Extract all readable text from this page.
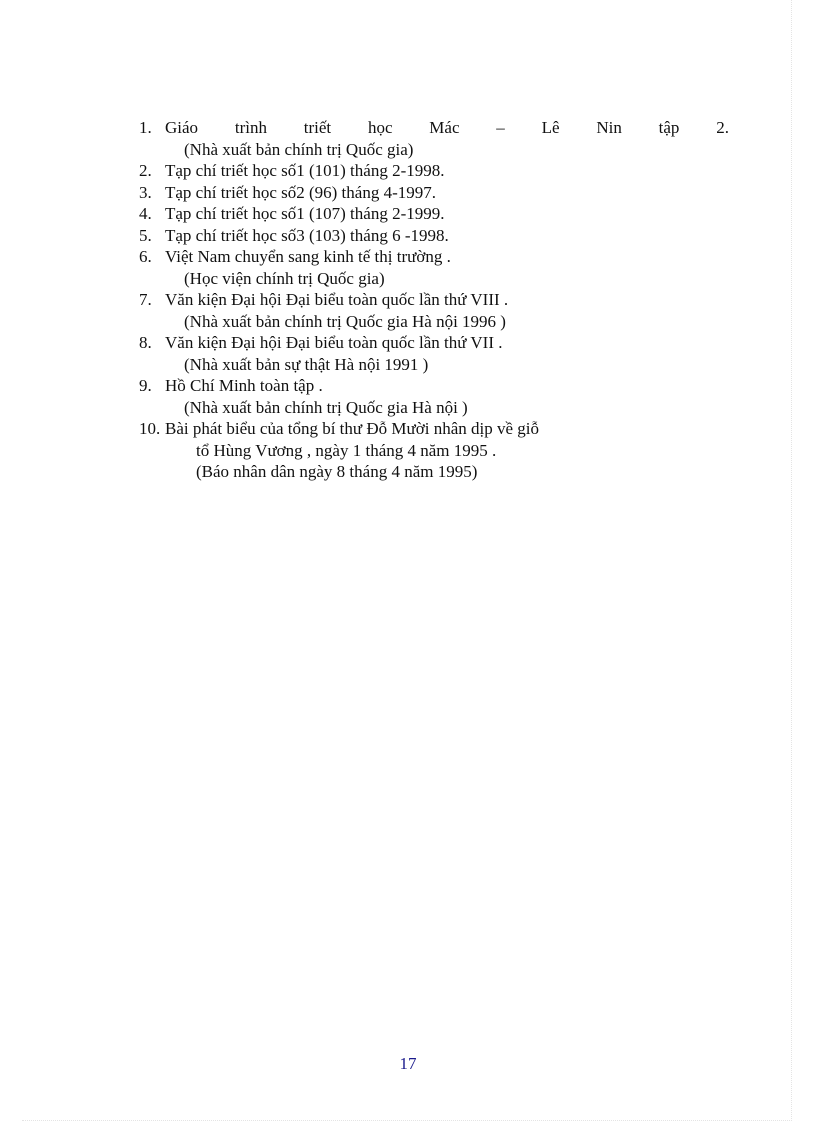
1. Giáo trình triết học Mác – Lê Nin tập 2.
(Nhà xuất bản chính trị Quốc gia)
2. Tạp chí triết học số1 (101) tháng 2-1998.
3. Tạp chí triết học số2 (96) tháng 4-1997.
4. Tạp chí triết học số1 (107) tháng 2-1999.
5. Tạp chí triết học số3 (103) tháng 6 -1998.
6. Việt Nam chuyển sang kinh tế thị trường .
(Học viện chính trị Quốc gia)
7. Văn kiện Đại hội Đại biểu toàn quốc lần thứ VIII .
(Nhà xuất bản chính trị Quốc gia Hà nội 1996 )
8. Văn kiện Đại hội Đại biểu toàn quốc lần thứ VII .
(Nhà xuất bản sự thật Hà nội 1991 )
9. Hồ Chí Minh toàn tập .
(Nhà xuất bản chính trị Quốc gia Hà nội )
10. Bài phát biểu của tổng bí thư Đỗ Mười nhân dịp về giỗ
tổ Hùng Vương , ngày 1 tháng 4 năm 1995 .
(Báo nhân dân ngày 8 tháng 4 năm 1995)
17
